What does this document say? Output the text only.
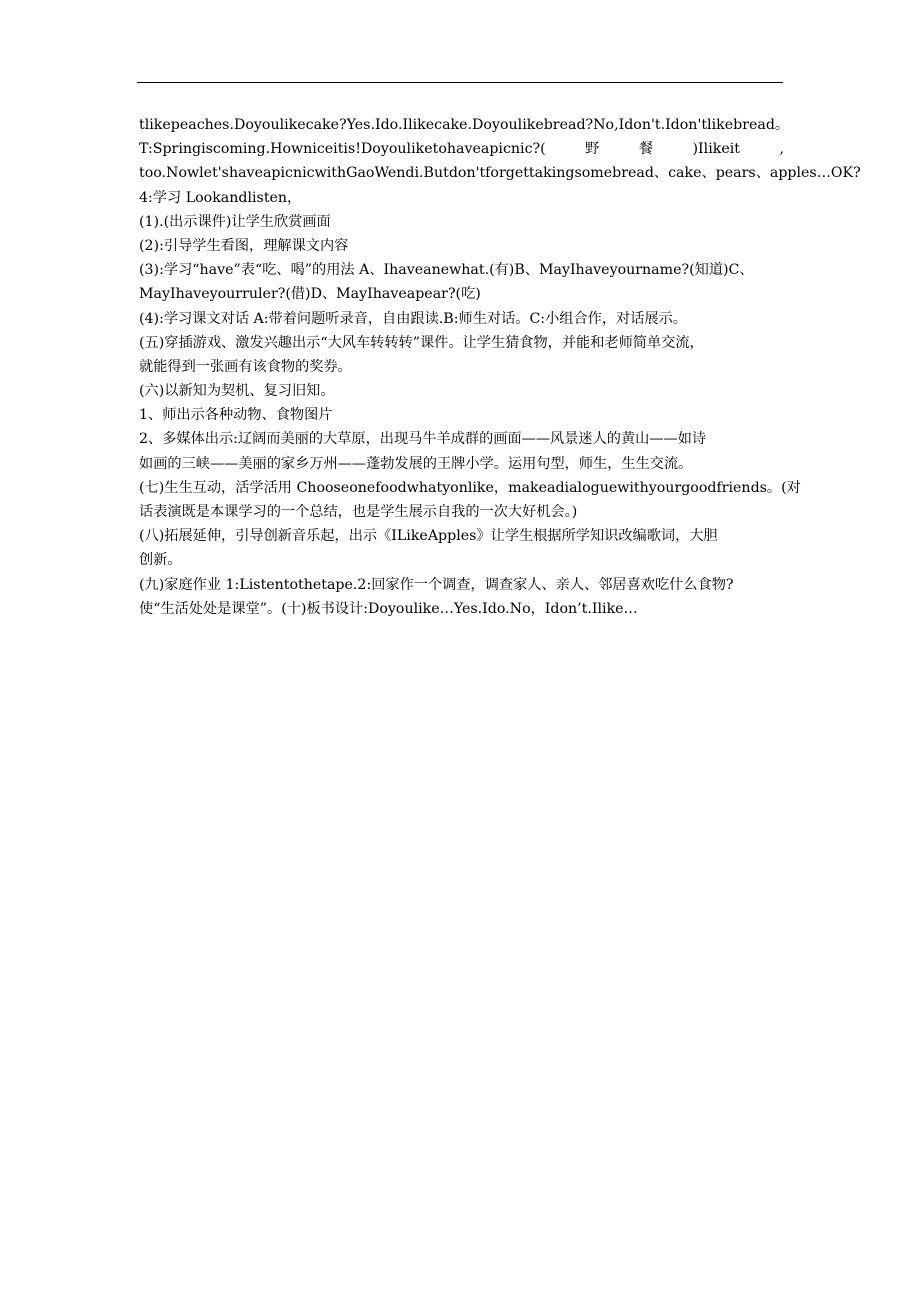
tlikepeaches.Doyoulikecake?Yes.Ido.Ilikecake.Doyoulikebread?No,Idon't.Idon'tlikebread 。
T:Springiscoming.Howniceitis!Doyouliketohaveapicnic?(	野	餐	)Ilikeit	,
too.Nowlet'shaveapicnicwithGaoWendi.Butdon'tforgettakingsomebread、cake、pears、apples…OK?
4:学习 Lookandlisten，
(1).(出示课件)让学生欣赏画面
(2):引导学生看图，理解课文内容
(3):学习“have”表“吃、喝”的用法 A、Ihaveanewhat.(有)B、MayIhaveyourname?(知道)C、
MayIhaveyourruler?(借)D、MayIhaveapear?(吃)
(4):学习课文对话 A:带着问题听录音，自由跟读.B:师生对话。C:小组合作，对话展示。
(五)穿插游戏、激发兴趣出示“大风车转转转”课件。让学生猜食物，并能和老师简单交流，
就能得到一张画有该食物的奖券。
(六)以新知为契机、复习旧知。
1、师出示各种动物、食物图片
2、多媒体出示:辽阔而美丽的大草原，出现马牛羊成群的画面——风景迷人的黄山——如诗
如画的三峡——美丽的家乡万州——蓬勃发展的王牌小学。运用句型，师生，生生交流。
(七)生生互动，活学活用 Chooseonefoodwhatyonlike，makeadialoguewithyourgoodfriends。(对
话表演既是本课学习的一个总结，也是学生展示自我的一次大好机会。)
(八)拓展延伸，引导创新音乐起，出示《ILikeApples》让学生根据所学知识改编歌词，大胆
创新。
(九)家庭作业 1:Listentothetape.2:回家作一个调查，调查家人、亲人、邻居喜欢吃什么食物?
使“生活处处是课堂”。(十)板书设计:Doyoulike…Yes.Ido.No，Idon’t.Ilike…
